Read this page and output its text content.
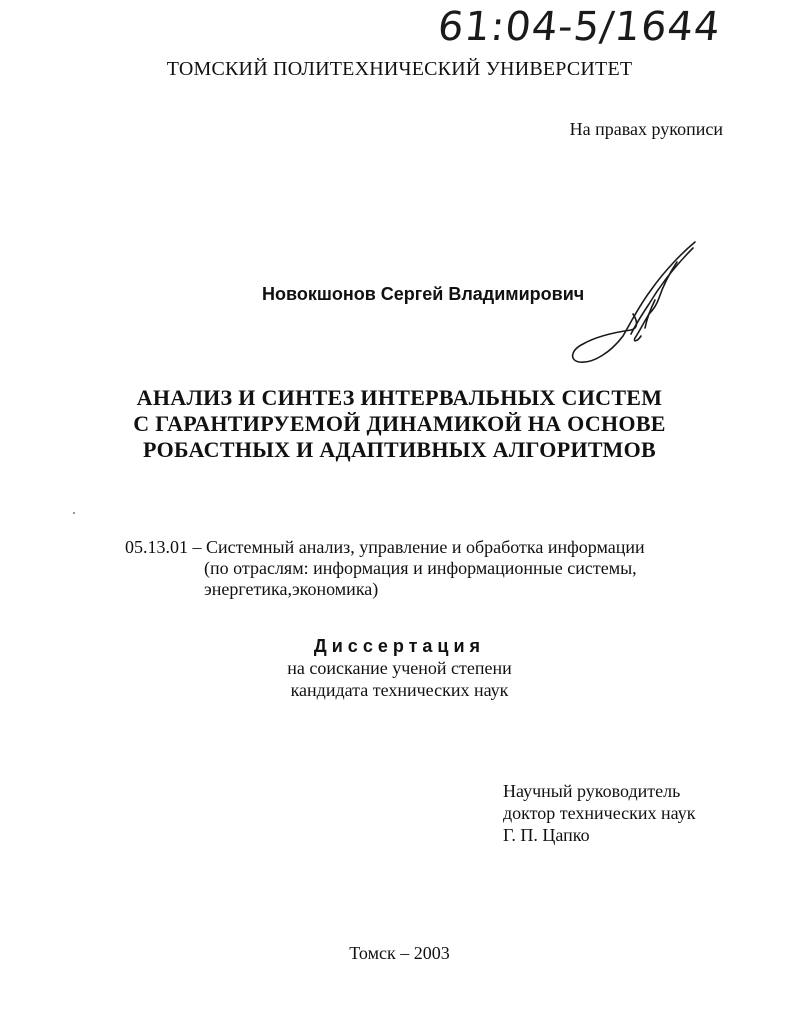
61:04-5/1644
ТОМСКИЙ ПОЛИТЕХНИЧЕСКИЙ УНИВЕРСИТЕТ
На правах рукописи
Новокшонов Сергей Владимирович
АНАЛИЗ И СИНТЕЗ ИНТЕРВАЛЬНЫХ СИСТЕМ
С ГАРАНТИРУЕМОЙ ДИНАМИКОЙ НА ОСНОВЕ
РОБАСТНЫХ И АДАПТИВНЫХ АЛГОРИТМОВ
05.13.01 – Системный анализ, управление и обработка информации
(по отраслям: информация и информационные системы,
энергетика,экономика)
Диссертация
на соискание ученой степени
кандидата технических наук
Научный руководитель
доктор технических наук
Г. П. Цапко
Томск – 2003
